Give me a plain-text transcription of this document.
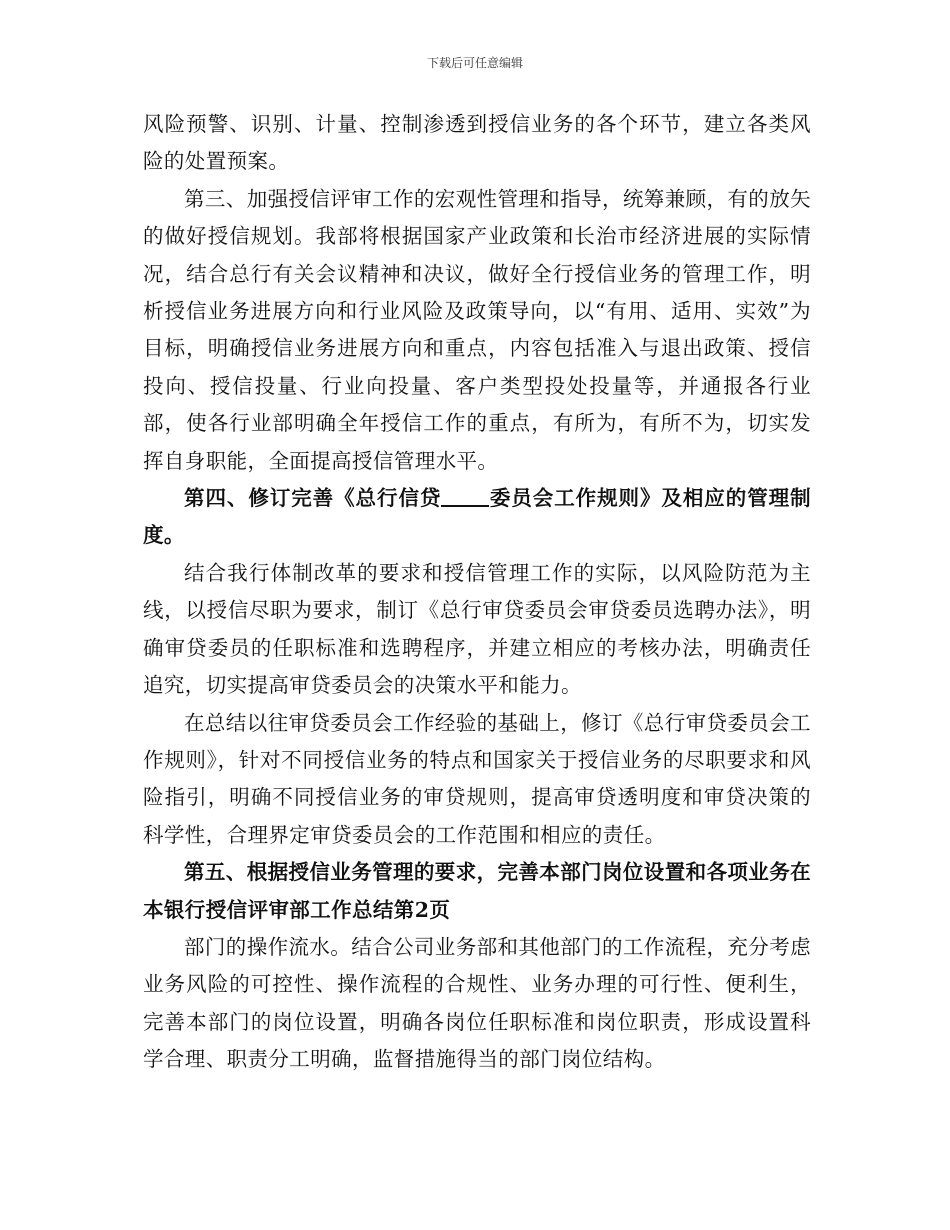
下载后可任意编辑

风险预警、识别、计量、控制渗透到授信业务的各个环节，建立各类风险的处置预案。

第三、加强授信评审工作的宏观性管理和指导，统筹兼顾，有的放矢的做好授信规划。我部将根据国家产业政策和长治市经济进展的实际情况，结合总行有关会议精神和决议，做好全行授信业务的管理工作，明析授信业务进展方向和行业风险及政策导向，以“有用、适用、实效”为目标，明确授信业务进展方向和重点，内容包括准入与退出政策、授信投向、授信投量、行业向投量、客户类型投处投量等，并通报各行业部，使各行业部明确全年授信工作的重点，有所为，有所不为，切实发挥自身职能，全面提高授信管理水平。

第四、修订完善《总行信贷 委员会工作规则》及相应的管理制度。

结合我行体制改革的要求和授信管理工作的实际，以风险防范为主线，以授信尽职为要求，制订《总行审贷委员会审贷委员选聘办法》，明确审贷委员的任职标准和选聘程序，并建立相应的考核办法，明确责任追究，切实提高审贷委员会的决策水平和能力。

在总结以往审贷委员会工作经验的基础上，修订《总行审贷委员会工作规则》，针对不同授信业务的特点和国家关于授信业务的尽职要求和风险指引，明确不同授信业务的审贷规则，提高审贷透明度和审贷决策的科学性，合理界定审贷委员会的工作范围和相应的责任。

第五、根据授信业务管理的要求，完善本部门岗位设置和各项业务在本银行授信评审部工作总结第2页

部门的操作流水。结合公司业务部和其他部门的工作流程，充分考虑业务风险的可控性、操作流程的合规性、业务办理的可行性、便利生，完善本部门的岗位设置，明确各岗位任职标准和岗位职责，形成设置科学合理、职责分工明确，监督措施得当的部门岗位结构。
